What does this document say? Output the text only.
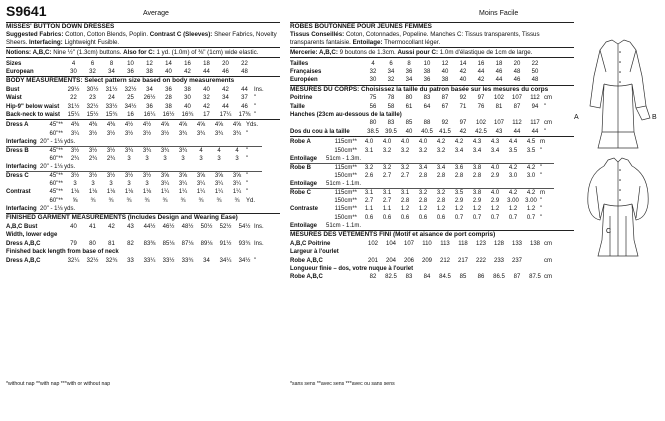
S9641	Average
MISSES' BUTTON DOWN DRESSES
Suggested Fabrics: Cotton, Cotton Blends, Poplin. Contrast C (Sleeves): Sheer Fabrics, Novelty Sheers. Interfacing: Lightweight Fusible.
Notions: A,B,C: Nine ½" (1.3cm) buttons. Also for C: 1 yd. (1.0m) of ⅜" (1cm) wide elastic.
Sizes	4	6	8	10	12	14	16	18	20	22	
European	30	32	34	36	38	40	42	44	46	48	
BODY MEASUREMENTS: Select pattern size based on body measurements
Bust	29½	30½	31½	32½	34	36	38	40	42	44	Ins.
Waist	22	23	24	25	26½	28	30	32	34	37	"
Hip-9" below waist	31½	32½	33½	34½	36	38	40	42	44	46	"
Back-neck to waist	15¼	15½	15¾	16	16¼	16½	16¾	17	17¼	17⅜	"
Dress A	45"**	4⅜	4⅜	4⅜	4½	4½	4⅝	4⅝	4⅝	4⅝	4⅝	Yds.
	60"**	3¼	3½	3½	3½	3½	3½	3¾	3¾	3¾	3¾	"
Interfacing	20" - 1⅛ yds.											
Dress B	45"**	3½	3½	3½	3¾	3¾	3¾	3¾	4	4	4	"
	60"**	2¾	2¾	2¾	3	3	3	3	3	3	3	"
Interfacing	20" - 1⅛ yds.											
Dress C	45"**	3½	3½	3½	3½	3½	3⅝	3⅝	3⅝	3⅝	3⅝	"
	60"**	3	3	3	3	3	3¼	3¼	3¼	3¼	3¼	"
Contrast	45"**	1⅛	1⅛	1⅛	1⅛	1⅛	1¼	1¼	1¼	1¼	1¼	"
	60"**	⅝	¾	¾	¾	¾	¾	¾	¾	¾	¾	Yd.
Interfacing	20" - 1⅛ yds.											
FINISHED GARMENT MEASUREMENTS (Includes Design and Wearing Ease)
A,B,C Bust	40	41	42	43	44½	46½	48½	50½	52½	54½	Ins.
Width, lower edge											
Dress A,B,C	79	80	81	82	83⅜	85⅛	87⅛	89⅛	91½	93¾	Ins.
Finished back length from base of neck											
Dress A,B,C	32¼	32½	32¾	33	33¼	33½	33¾	34	34¼	34½	"
Moins Facile
ROBES BOUTONNÉE POUR JEUNES FEMMES
Tissus Conseillés: Coton, Cotonnades, Popeline. Manches C: Tissus transparents, Tissus transparents fantaisie. Entoilage: Thermocollant léger.
Mercerie: A,B,C: 9 boutons de 1.3cm. Aussi pour C: 1.0m d'élastique de 1cm de large.
Tailles	4	6	8	10	12	14	16	18	20	22	
Françaises	32	34	36	38	40	42	44	46	48	50	
Européen	30	32	34	36	38	40	42	44	46	48	
MESURES DU CORPS: Choisissez la taille du patron basée sur les mesures du corps
Poitrine	75	78	80	83	87	92	97	102	107	112	cm
Taille	56	58	61	64	67	71	76	81	87	94	"
Hanches (23cm au-dessous de la taille)											
	80	83	85	88	92	97	102	107	112	117	cm
Dos du cou à la taille	38.5	39.5	40	40.5	41.5	42	42.5	43	44	44	"
Robe A	115cm**	4.0	4.0	4.0	4.0	4.2	4.2	4.3	4.3	4.4	4.5	m
	150cm**	3.1	3.2	3.2	3.2	3.2	3.4	3.4	3.4	3.5	3.5	"
Entoilage	51cm - 1.3m.											
Robe B	115cm**	3.2	3.2	3.2	3.4	3.4	3.6	3.8	4.0	4.2	4.2	"
	150cm**	2.6	2.7	2.7	2.8	2.8	2.8	2.8	2.9	3.0	3.0	"
Entoilage	51cm - 1.1m.											
Robe C	115cm**	3.1	3.1	3.1	3.2	3.2	3.5	3.8	4.0	4.2	4.2	m
	150cm**	2.7	2.7	2.8	2.8	2.8	2.9	2.9	2.9	3.00	3.00	"
Contraste	115cm**	1.1	1.1	1.2	1.2	1.2	1.2	1.2	1.2	1.2	1.2	"
	150cm**	0.6	0.6	0.6	0.6	0.6	0.7	0.7	0.7	0.7	0.7	"
Entoilage	51cm - 1.1m.											
MESURES DES VÊTEMENTS FINI (Motif et aisance de port compris)
A,B,C Poitrine	102	104	107	110	113	118	123	128	133	138	cm
Largeur à l'ourlet											
Robe A,B,C	201	204	206	209	212	217	222	233	237		cm
Longueur finie – dos, votre nuque à l'ourlet											
Robe A,B,C	82	82.5	83	84	84.5	85	86	86.5	87	87.5	cm
A	B
C
*without nap **with nap ***with or without nap	*sans sens **avec sens ***avec ou sans sens
